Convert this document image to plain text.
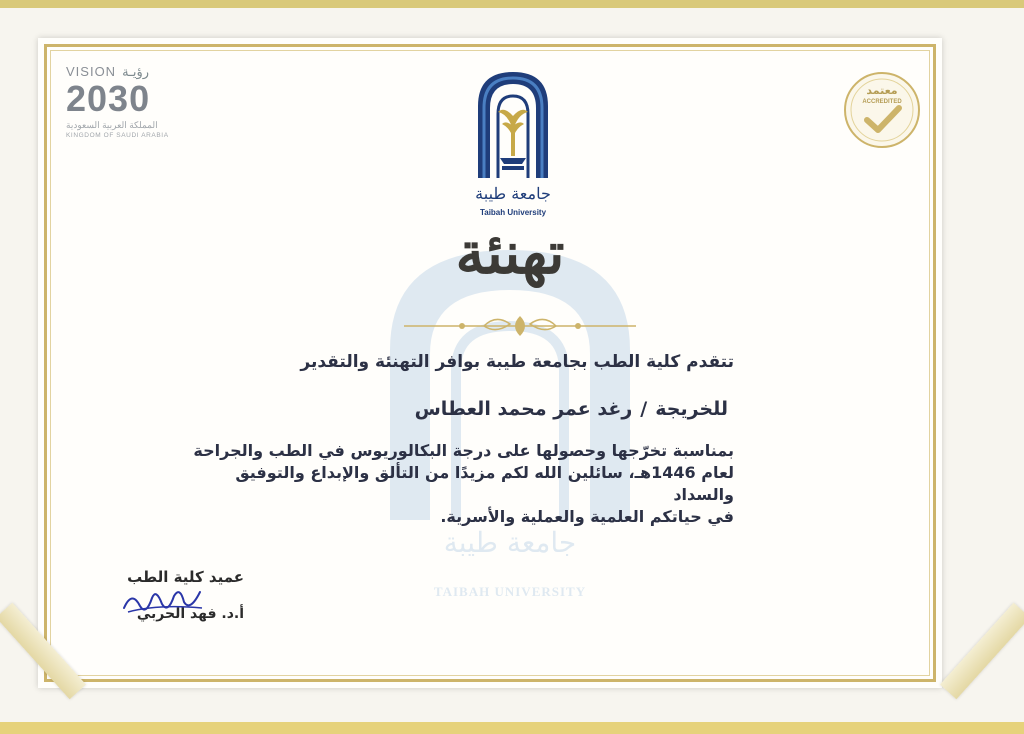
VISION رؤيـة
2030
المملكة العربية السعودية
KINGDOM OF SAUDI ARABIA
جامعة طيبة
Taibah University
معتمد
ACCREDITED
جامعة طيبة
TAIBAH UNIVERSITY
تهنئة
تتقدم كلية الطب بجامعة طيبة بوافر التهنئة والتقدير
للخريجة/رغد عمر محمد العطاس
بمناسبة تخرّجها وحصولها على درجة البكالوريوس في الطب والجراحة
لعام 1446هـ، سائلين الله لكم مزيدًا من التألق والإبداع والتوفيق والسداد
في حياتكم العلمية والعملية والأسرية.
عميد كلية الطب
أ.د. فهد الحربي
